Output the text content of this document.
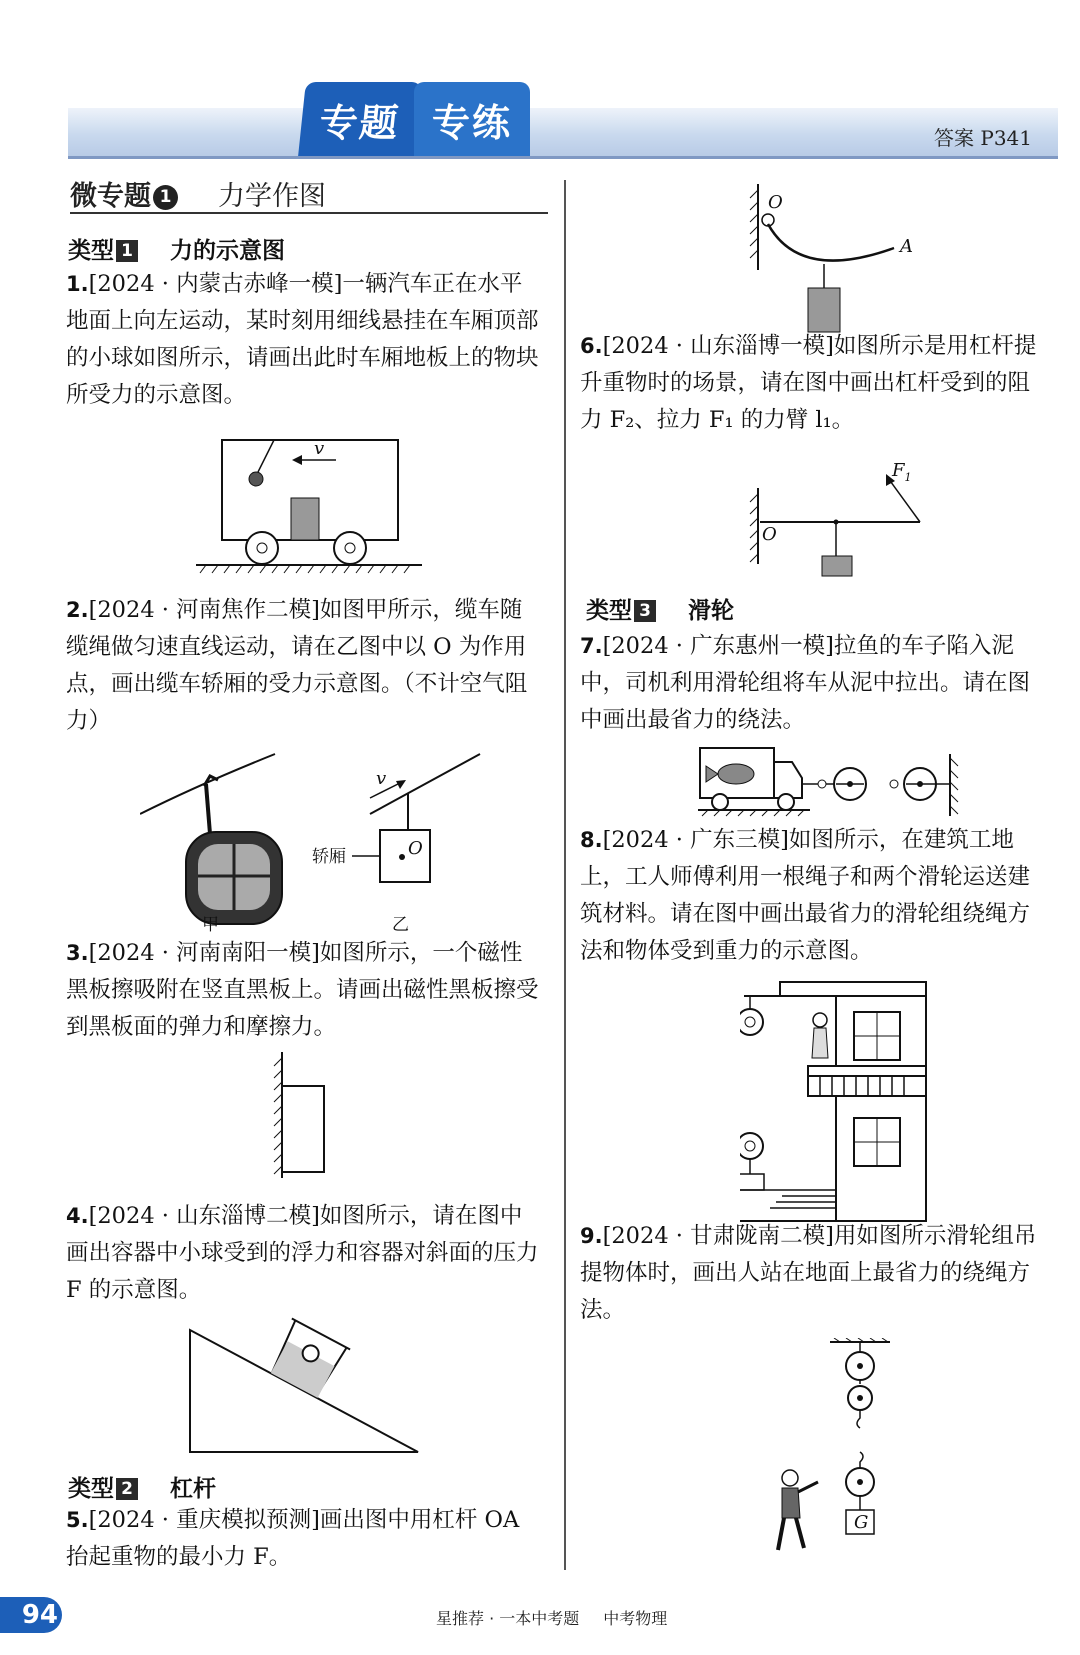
专题 专练	答案 P341
微专题 1 力学作图
类型 1 力的示意图
1.[2024 · 内蒙古赤峰一模]一辆汽车正在水平地面上向左运动，某时刻用细线悬挂在车厢顶部的小球如图所示，请画出此时车厢地板上的物块所受力的示意图。
v
2.[2024 · 河南焦作二模]如图甲所示，缆车随缆绳做匀速直线运动，请在乙图中以 O 为作用点，画出缆车轿厢的受力示意图。（不计空气阻力）
甲
O
v
轿厢
乙
3.[2024 · 河南南阳一模]如图所示，一个磁性黑板擦吸附在竖直黑板上。请画出磁性黑板擦受到黑板面的弹力和摩擦力。
4.[2024 · 山东淄博二模]如图所示，请在图中画出容器中小球受到的浮力和容器对斜面的压力 F 的示意图。
类型 2 杠杆
5.[2024 · 重庆模拟预测]画出图中用杠杆 OA 抬起重物的最小力 F。
O
A
6.[2024 · 山东淄博一模]如图所示是用杠杆提升重物时的场景，请在图中画出杠杆受到的阻力 F₂、拉力 F₁ 的力臂 l₁。
O
$F_1$
类型 3 滑轮
7.[2024 · 广东惠州一模]拉鱼的车子陷入泥中，司机利用滑轮组将车从泥中拉出。请在图中画出最省力的绕法。
8.[2024 · 广东三模]如图所示，在建筑工地上，工人师傅利用一根绳子和两个滑轮运送建筑材料。请在图中画出最省力的滑轮组绕绳方法和物体受到重力的示意图。
9.[2024 · 甘肃陇南二模]用如图所示滑轮组吊提物体时，画出人站在地面上最省力的绕绳方法。
G
94	星推荐 · 一本中考题 中考物理
